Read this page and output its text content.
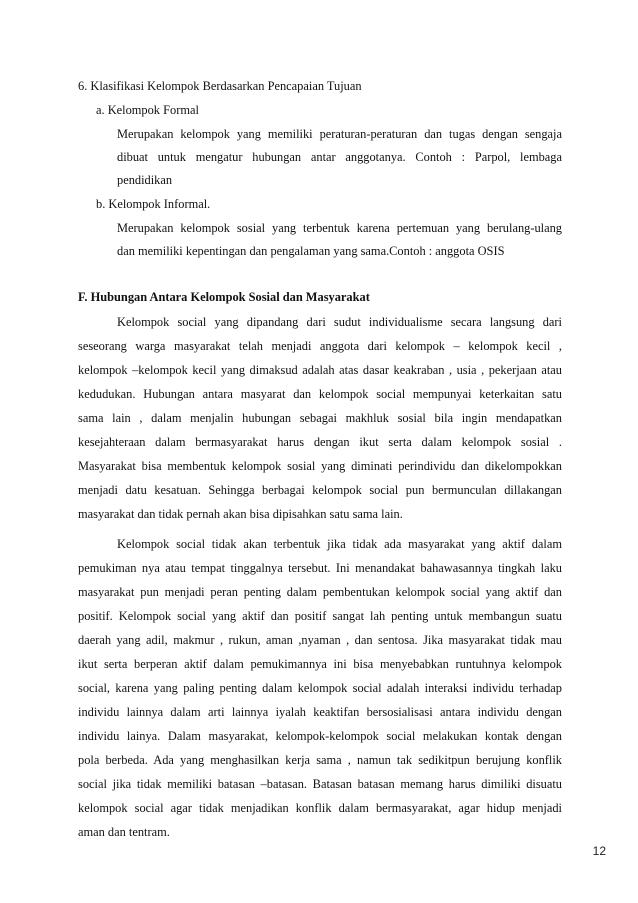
6. Klasifikasi Kelompok Berdasarkan Pencapaian Tujuan
a. Kelompok Formal
Merupakan kelompok yang memiliki peraturan-peraturan dan tugas dengan sengaja
dibuat untuk mengatur hubungan antar anggotanya. Contoh : Parpol, lembaga
pendidikan
b. Kelompok Informal.
Merupakan kelompok sosial yang terbentuk karena pertemuan yang berulang-ulang
dan memiliki kepentingan dan pengalaman yang sama.Contoh : anggota OSIS
F. Hubungan Antara Kelompok Sosial dan Masyarakat
Kelompok social yang dipandang dari sudut individualisme secara langsung dari
seseorang warga masyarakat telah menjadi anggota dari kelompok – kelompok kecil ,
kelompok –kelompok kecil yang dimaksud adalah atas dasar keakraban , usia , pekerjaan atau
kedudukan. Hubungan antara masyarat dan kelompok social mempunyai keterkaitan satu
sama lain , dalam menjalin hubungan sebagai makhluk sosial bila ingin mendapatkan
kesejahteraan dalam bermasyarakat harus dengan ikut serta dalam kelompok sosial .
Masyarakat bisa membentuk kelompok sosial yang diminati perindividu dan dikelompokkan
menjadi datu kesatuan. Sehingga berbagai kelompok social pun bermunculan dillakangan
masyarakat dan tidak pernah akan bisa dipisahkan satu sama lain.
Kelompok social tidak akan terbentuk jika tidak ada masyarakat yang aktif dalam
pemukiman nya atau tempat tinggalnya tersebut. Ini menandakat bahawasannya tingkah laku
masyarakat pun menjadi peran penting dalam pembentukan kelompok social yang aktif dan
positif. Kelompok social yang aktif dan positif sangat lah penting untuk membangun suatu
daerah yang adil, makmur , rukun, aman ,nyaman , dan sentosa. Jika masyarakat tidak mau
ikut serta berperan aktif dalam pemukimannya ini bisa menyebabkan runtuhnya kelompok
social, karena yang paling penting dalam kelompok social adalah interaksi individu terhadap
individu lainnya dalam arti lainnya iyalah keaktifan bersosialisasi antara individu dengan
individu lainya. Dalam masyarakat, kelompok-kelompok social melakukan kontak dengan
pola berbeda. Ada yang menghasilkan kerja sama , namun tak sedikitpun berujung konflik
social jika tidak memiliki batasan –batasan. Batasan batasan memang harus dimiliki disuatu
kelompok social agar tidak menjadikan konflik dalam bermasyarakat, agar hidup menjadi
aman dan tentram.
12
